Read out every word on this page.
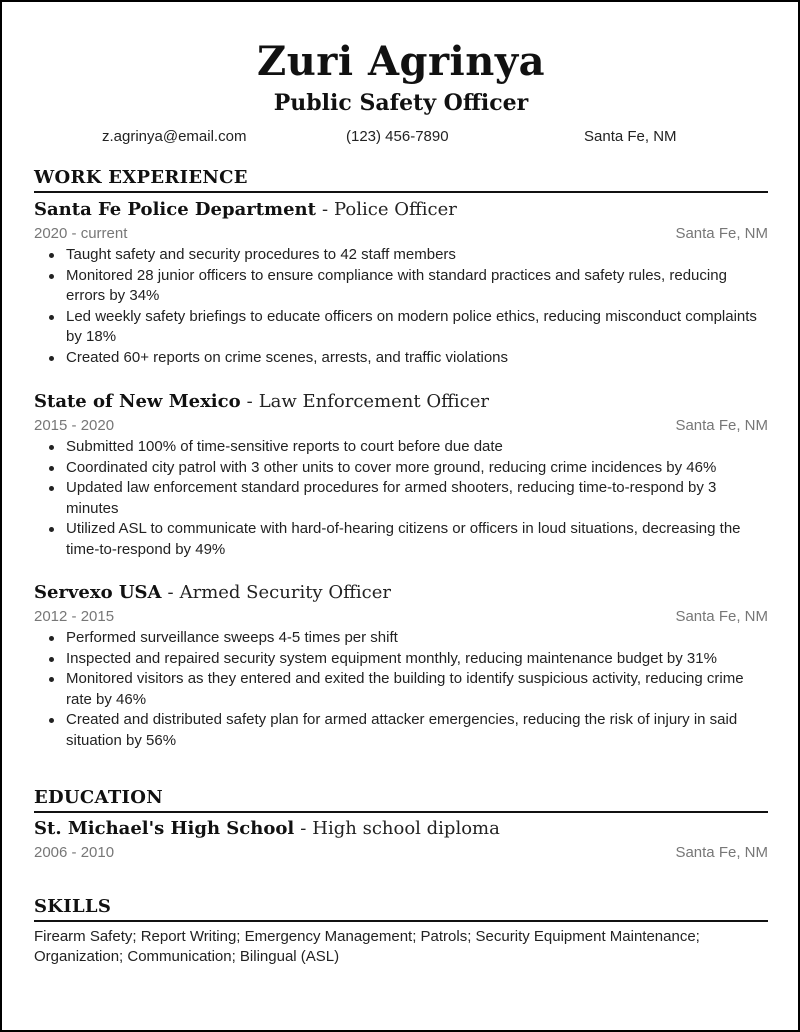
Zuri Agrinya
Public Safety Officer
z.agrinya@email.com	(123) 456-7890	Santa Fe, NM
WORK EXPERIENCE
Santa Fe Police Department - Police Officer
2020 - current	Santa Fe, NM
Taught safety and security procedures to 42 staff members
Monitored 28 junior officers to ensure compliance with standard practices and safety rules, reducing errors by 34%
Led weekly safety briefings to educate officers on modern police ethics, reducing misconduct complaints by 18%
Created 60+ reports on crime scenes, arrests, and traffic violations
State of New Mexico - Law Enforcement Officer
2015 - 2020	Santa Fe, NM
Submitted 100% of time-sensitive reports to court before due date
Coordinated city patrol with 3 other units to cover more ground, reducing crime incidences by 46%
Updated law enforcement standard procedures for armed shooters, reducing time-to-respond by 3 minutes
Utilized ASL to communicate with hard-of-hearing citizens or officers in loud situations, decreasing the time-to-respond by 49%
Servexo USA - Armed Security Officer
2012 - 2015	Santa Fe, NM
Performed surveillance sweeps 4-5 times per shift
Inspected and repaired security system equipment monthly, reducing maintenance budget by 31%
Monitored visitors as they entered and exited the building to identify suspicious activity, reducing crime rate by 46%
Created and distributed safety plan for armed attacker emergencies, reducing the risk of injury in said situation by 56%
EDUCATION
St. Michael's High School - High school diploma
2006 - 2010	Santa Fe, NM
SKILLS
Firearm Safety; Report Writing; Emergency Management; Patrols; Security Equipment Maintenance; Organization; Communication; Bilingual (ASL)
